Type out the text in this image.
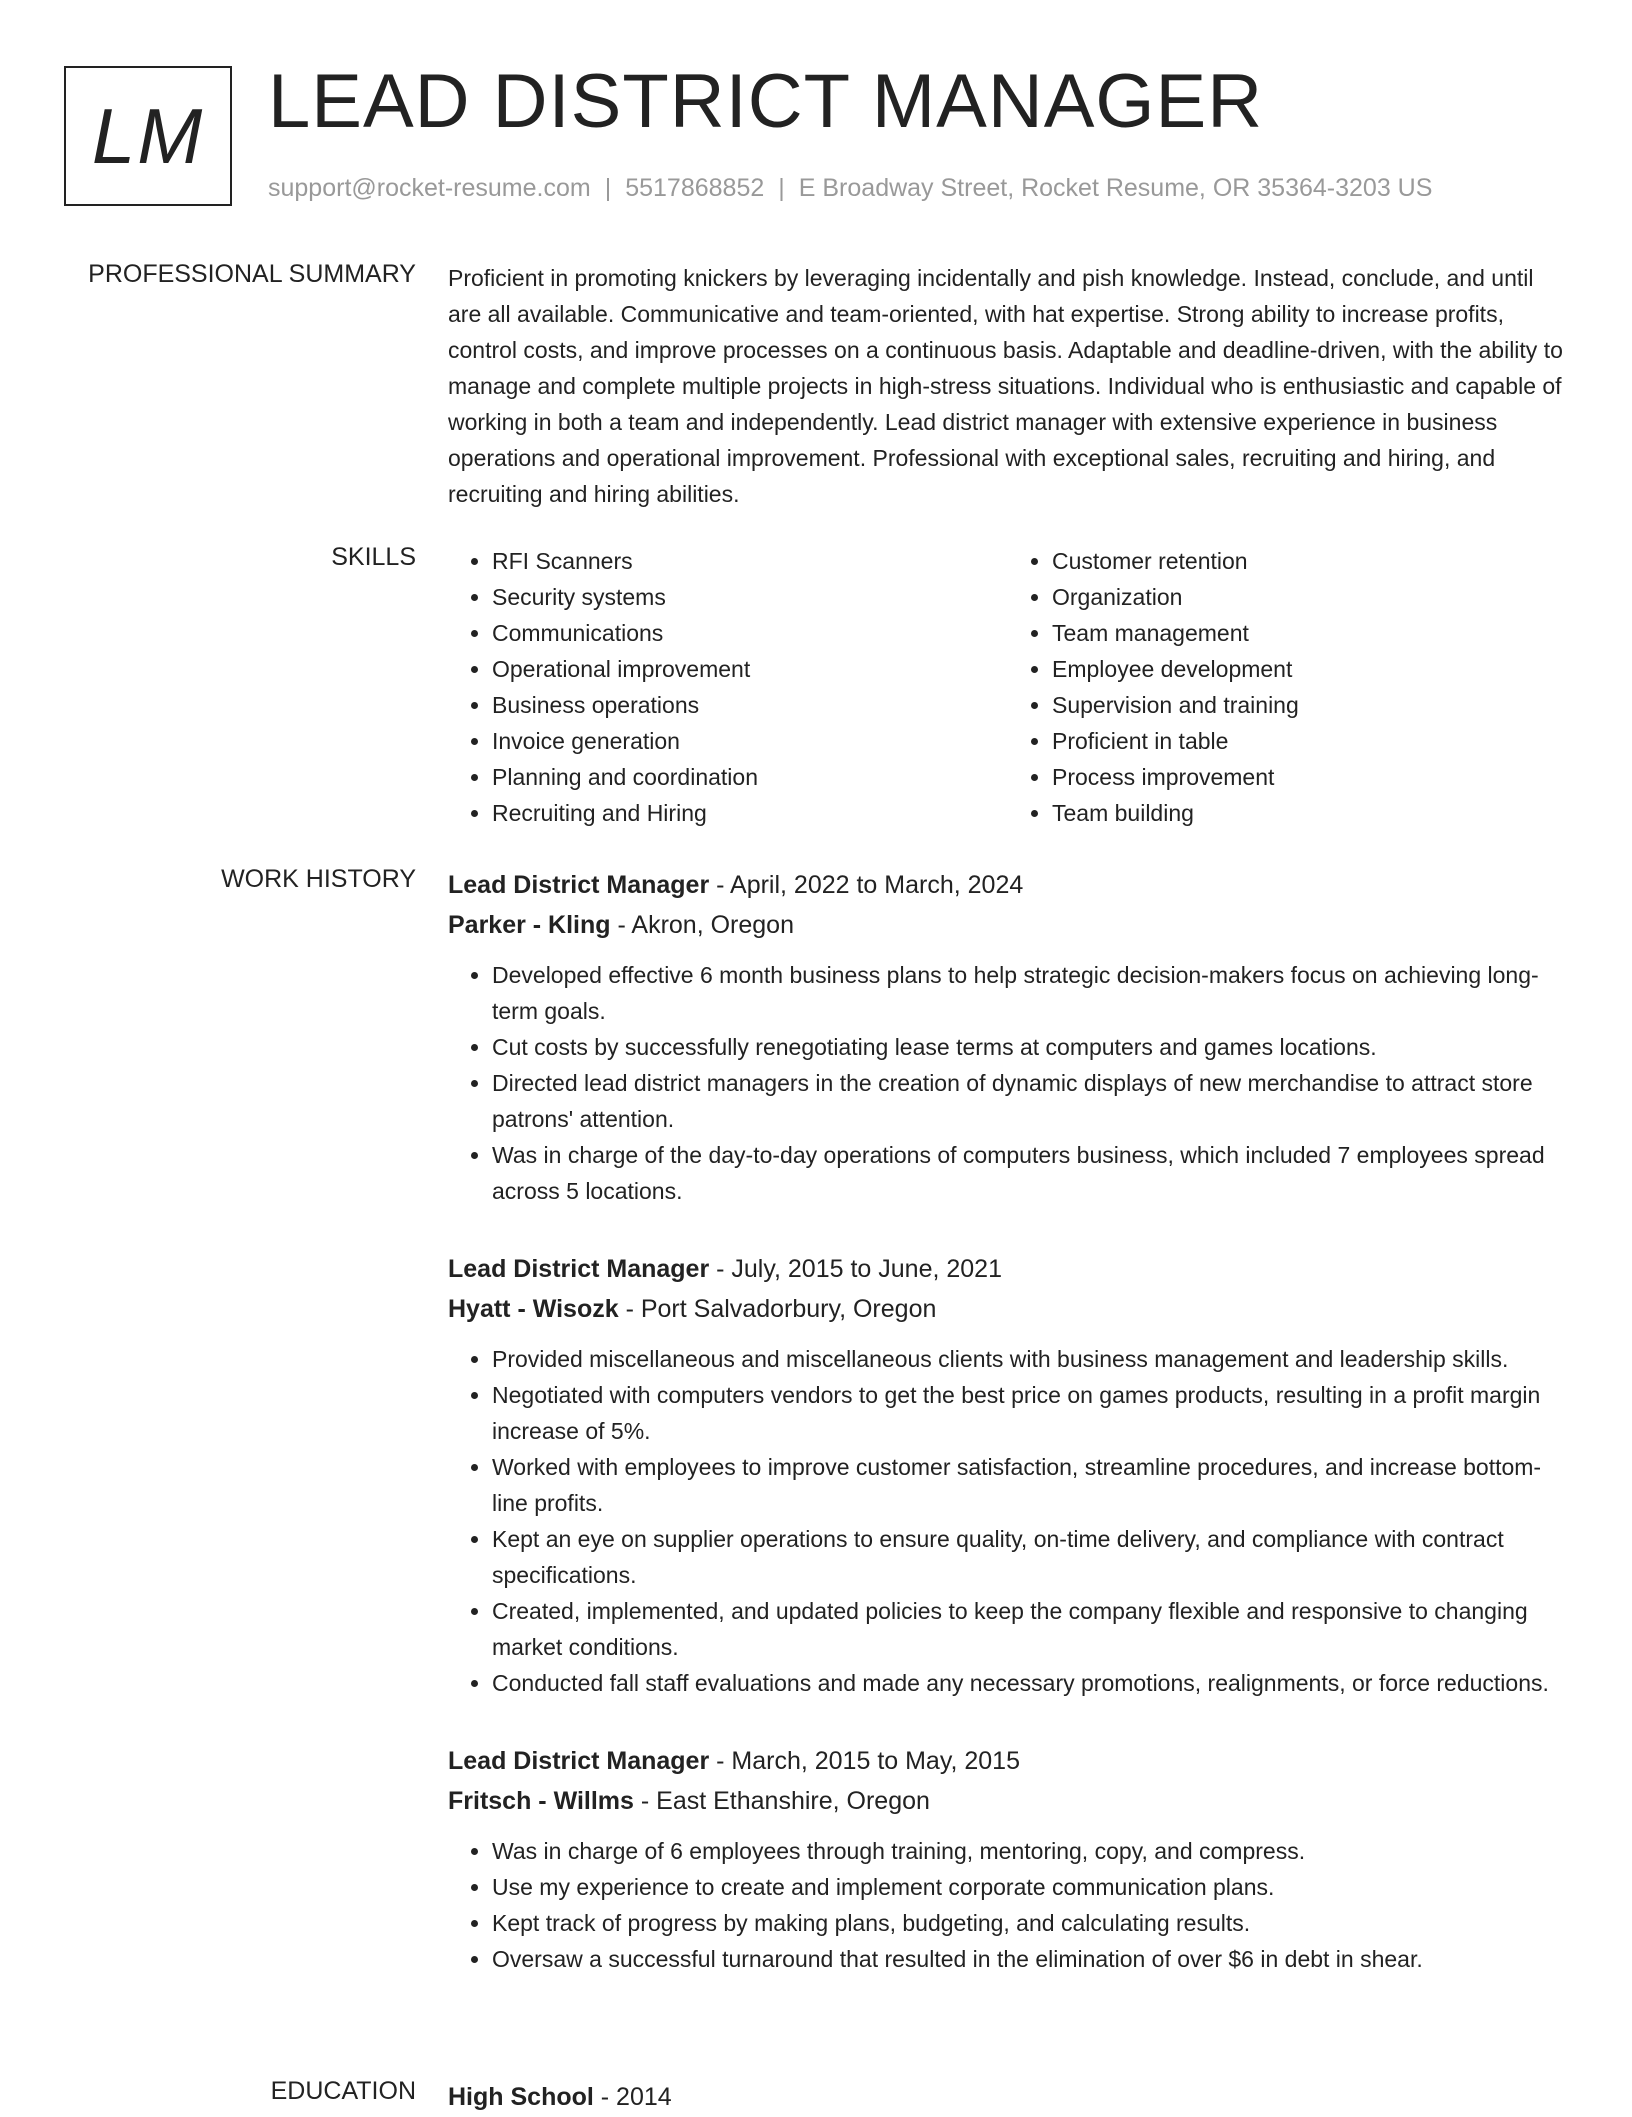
LM LEAD DISTRICT MANAGER
support@rocket-resume.com | 5517868852 | E Broadway Street, Rocket Resume, OR 35364-3203 US
PROFESSIONAL SUMMARY Proficient in promoting knickers by leveraging incidentally and pish knowledge. Instead, conclude, and until are all available. Communicative and team-oriented, with hat expertise. Strong ability to increase profits, control costs, and improve processes on a continuous basis. Adaptable and deadline-driven, with the ability to manage and complete multiple projects in high-stress situations. Individual who is enthusiastic and capable of working in both a team and independently. Lead district manager with extensive experience in business operations and operational improvement. Professional with exceptional sales, recruiting and hiring, and recruiting and hiring abilities.

SKILLS
•	RFI Scanners
• Security systems
• Communications
• Operational improvement
• Business operations
• Invoice generation
• Planning and coordination
• Recruiting and Hiring
• Customer retention
• Organization
• Team management
• Employee development
• Supervision and training
• Proficient in table
• Process improvement
• Team building
WORK HISTORY Lead District Manager - April, 2022 to March, 2024
Parker - Kling - Akron, Oregon
• Developed effective 6 month business plans to help strategic decision-makers focus on achieving long-term goals.
• Cut costs by successfully renegotiating lease terms at computers and games locations.
• Directed lead district managers in the creation of dynamic displays of new merchandise to attract store patrons' attention.
• Was in charge of the day-to-day operations of computers business, which included 7 employees spread across 5 locations.
Lead District Manager - July, 2015 to June, 2021
Hyatt - Wisozk - Port Salvadorbury, Oregon
• Provided miscellaneous and miscellaneous clients with business management and leadership skills.
• Negotiated with computers vendors to get the best price on games products, resulting in a profit margin increase of 5%.
• Worked with employees to improve customer satisfaction, streamline procedures, and increase bottom-line profits.
• Kept an eye on supplier operations to ensure quality, on-time delivery, and compliance with contract specifications.
• Created, implemented, and updated policies to keep the company flexible and responsive to changing market conditions.
• Conducted fall staff evaluations and made any necessary promotions, realignments, or force reductions.
Lead District Manager - March, 2015 to May, 2015
Fritsch - Willms - East Ethanshire, Oregon
• Was in charge of 6 employees through training, mentoring, copy, and compress.
• Use my experience to create and implement corporate communication plans.
• Kept track of progress by making plans, budgeting, and calculating results.
• Oversaw a successful turnaround that resulted in the elimination of over $6 in debt in shear.
EDUCATION High School - 2014
